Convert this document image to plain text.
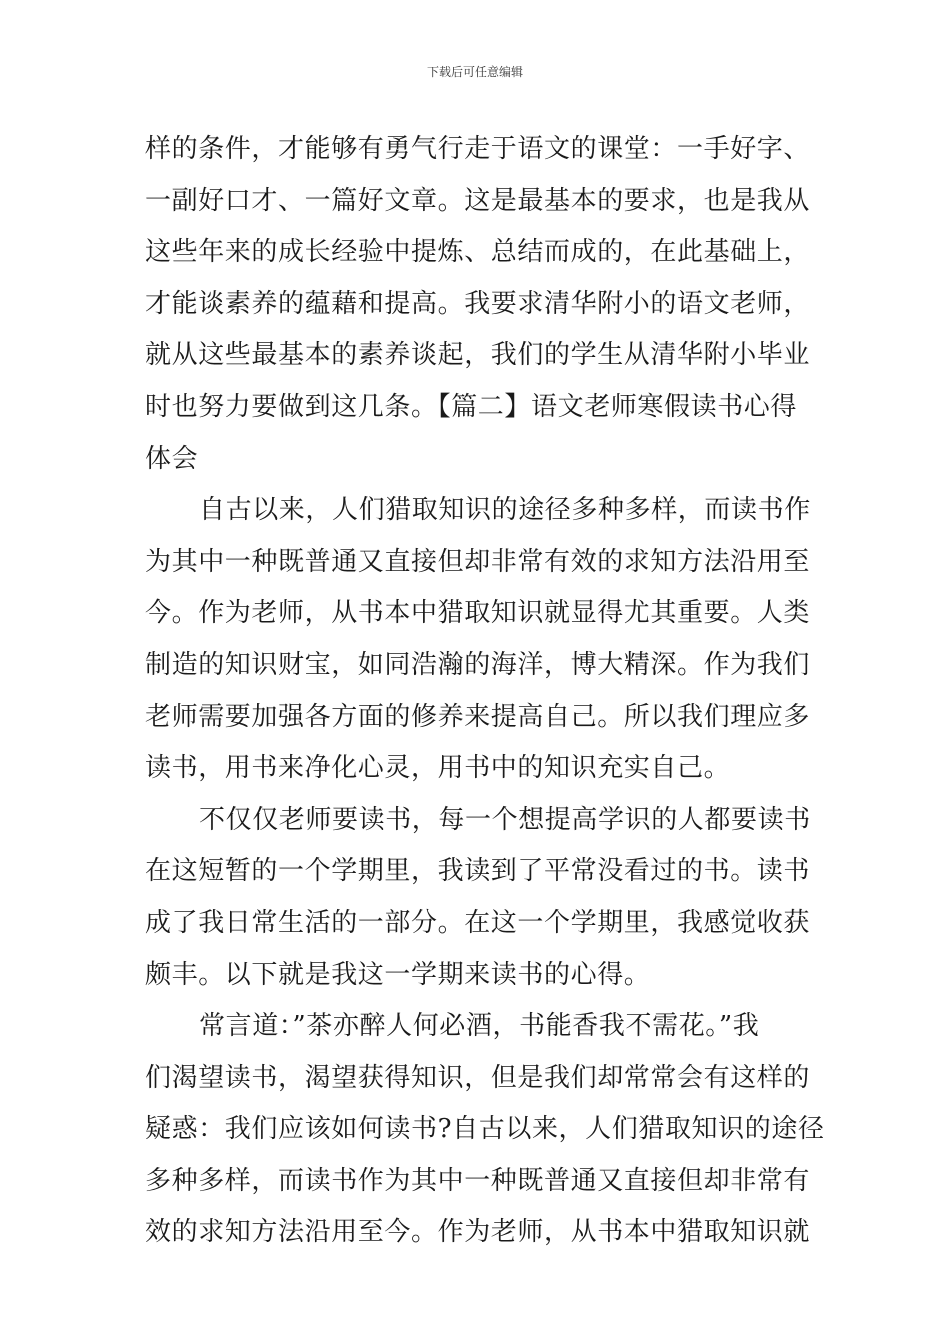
下载后可任意编辑
样的条件，才能够有勇气行走于语文的课堂：一手好字、
一副好口才、一篇好文章。这是最基本的要求，也是我从
这些年来的成长经验中提炼、总结而成的，在此基础上，
才能谈素养的蕴藉和提高。我要求清华附小的语文老师，
就从这些最基本的素养谈起，我们的学生从清华附小毕业
时也努力要做到这几条。【篇二】语文老师寒假读书心得
体会
自古以来，人们猎取知识的途径多种多样，而读书作
为其中一种既普通又直接但却非常有效的求知方法沿用至
今。作为老师，从书本中猎取知识就显得尤其重要。人类
制造的知识财宝，如同浩瀚的海洋，博大精深。作为我们
老师需要加强各方面的修养来提高自己。所以我们理应多
读书，用书来净化心灵，用书中的知识充实自己。
不仅仅老师要读书，每一个想提高学识的人都要读书
在这短暂的一个学期里，我读到了平常没看过的书。读书
成了我日常生活的一部分。在这一个学期里，我感觉收获
颇丰。以下就是我这一学期来读书的心得。
常言道：”茶亦醉人何必酒，书能香我不需花。”我
们渴望读书，渴望获得知识，但是我们却常常会有这样的
疑惑：我们应该如何读书?自古以来，人们猎取知识的途径
多种多样，而读书作为其中一种既普通又直接但却非常有
效的求知方法沿用至今。作为老师，从书本中猎取知识就
